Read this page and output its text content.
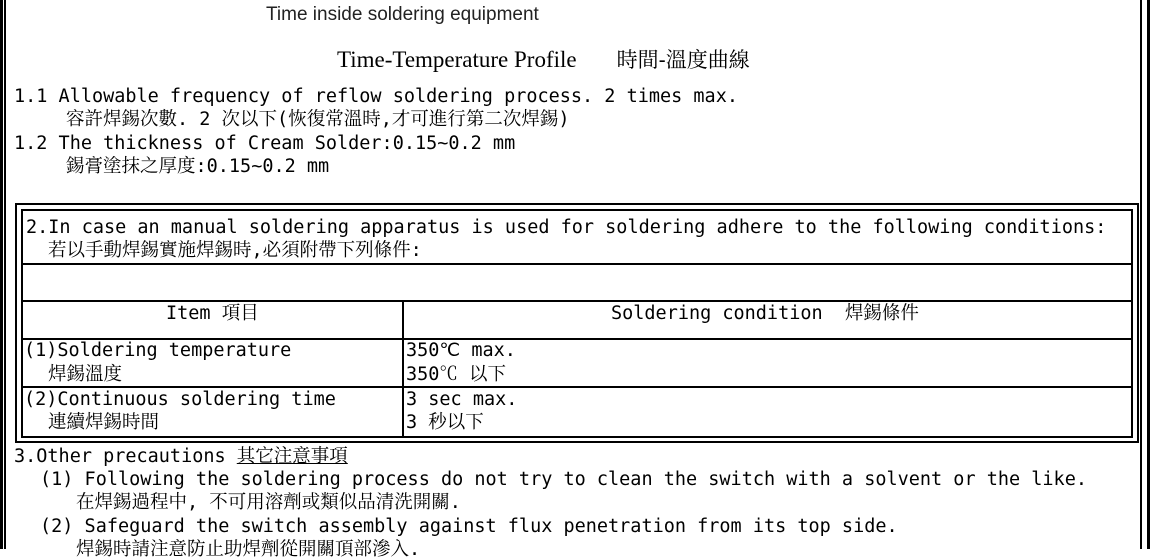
Time inside soldering equipment
Time-Temperature Profile 時間-溫度曲線
1.1 Allowable frequency of reflow soldering process. 2 times max.
容許焊錫次數. 2 次以下(恢復常溫時,才可進行第二次焊錫)
1.2 The thickness of Cream Solder:0.15~0.2 mm
錫膏塗抹之厚度:0.15~0.2 mm
2.In case an manual soldering apparatus is used for soldering adhere to the following conditions:
若以手動焊錫實施焊錫時,必須附帶下列條件:
Item 項目	Soldering condition  焊錫條件
(1)Soldering temperature
焊錫溫度
350℃ max.
350℃ 以下
(2)Continuous soldering time
連續焊錫時間
3 sec max.
3 秒以下
3.Other precautions 其它注意事項
(1) Following the soldering process do not try to clean the switch with a solvent or the like.
在焊錫過程中, 不可用溶劑或類似品清洗開關.
(2) Safeguard the switch assembly against flux penetration from its top side.
焊錫時請注意防止助焊劑從開關頂部滲入.
